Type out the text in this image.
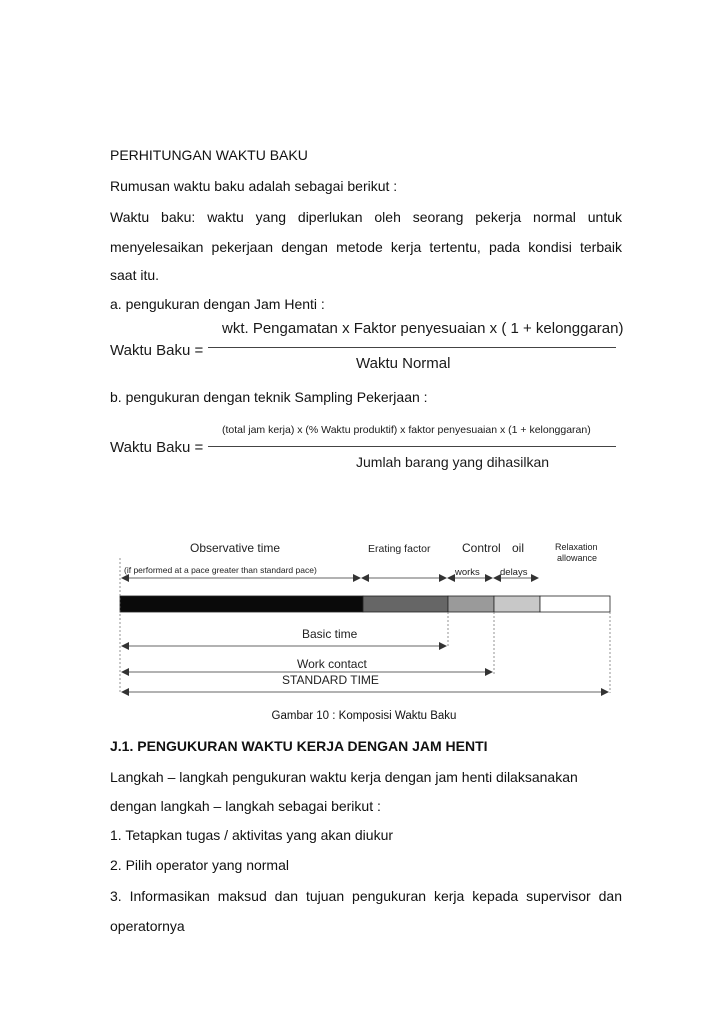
PERHITUNGAN WAKTU BAKU
Rumusan waktu baku adalah sebagai berikut :
Waktu baku: waktu yang diperlukan oleh seorang pekerja normal untuk
menyelesaikan pekerjaan dengan metode kerja tertentu, pada kondisi terbaik
saat itu.
a. pengukuran dengan Jam Henti :
Waktu Baku =
wkt. Pengamatan x Faktor penyesuaian x ( 1 + kelonggaran)
Waktu Normal
b. pengukuran dengan teknik Sampling Pekerjaan :
Waktu Baku =
(total jam kerja) x (% Waktu produktif) x faktor penyesuaian x (1 + kelonggaran)
Jumlah barang yang dihasilkan
Observative time
(if performed at a pace greater than standard pace)
Erating factor	Control oil
works delays
Relaxation
allowance
Basic time
Work contact
STANDARD TIME
Gambar 10 : Komposisi Waktu Baku
J.1. PENGUKURAN WAKTU KERJA DENGAN JAM HENTI
Langkah – langkah pengukuran waktu kerja dengan jam henti dilaksanakan
dengan langkah – langkah sebagai berikut :
1. Tetapkan tugas / aktivitas yang akan diukur
2. Pilih operator yang normal
3. Informasikan maksud dan tujuan pengukuran kerja kepada supervisor dan
operatornya
